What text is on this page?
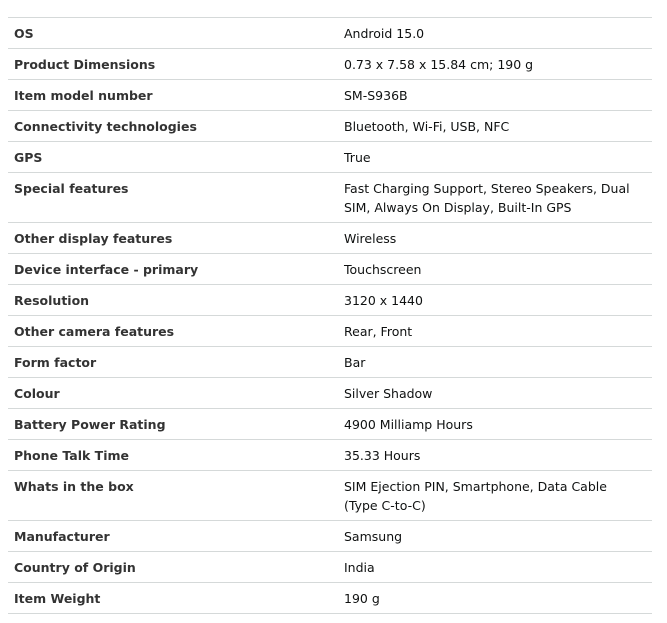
OS	Android 15.0
Product Dimensions	0.73 x 7.58 x 15.84 cm; 190 g
Item model number	SM-S936B
Connectivity technologies	Bluetooth, Wi-Fi, USB, NFC
GPS	True
Special features	Fast Charging Support, Stereo Speakers, Dual SIM, Always On Display, Built-In GPS
Other display features	Wireless
Device interface - primary	Touchscreen
Resolution	3120 x 1440
Other camera features	Rear, Front
Form factor	Bar
Colour	Silver Shadow
Battery Power Rating	4900 Milliamp Hours
Phone Talk Time	35.33 Hours
Whats in the box	SIM Ejection PIN, Smartphone, Data Cable (Type C-to-C)
Manufacturer	Samsung
Country of Origin	India
Item Weight	190 g
